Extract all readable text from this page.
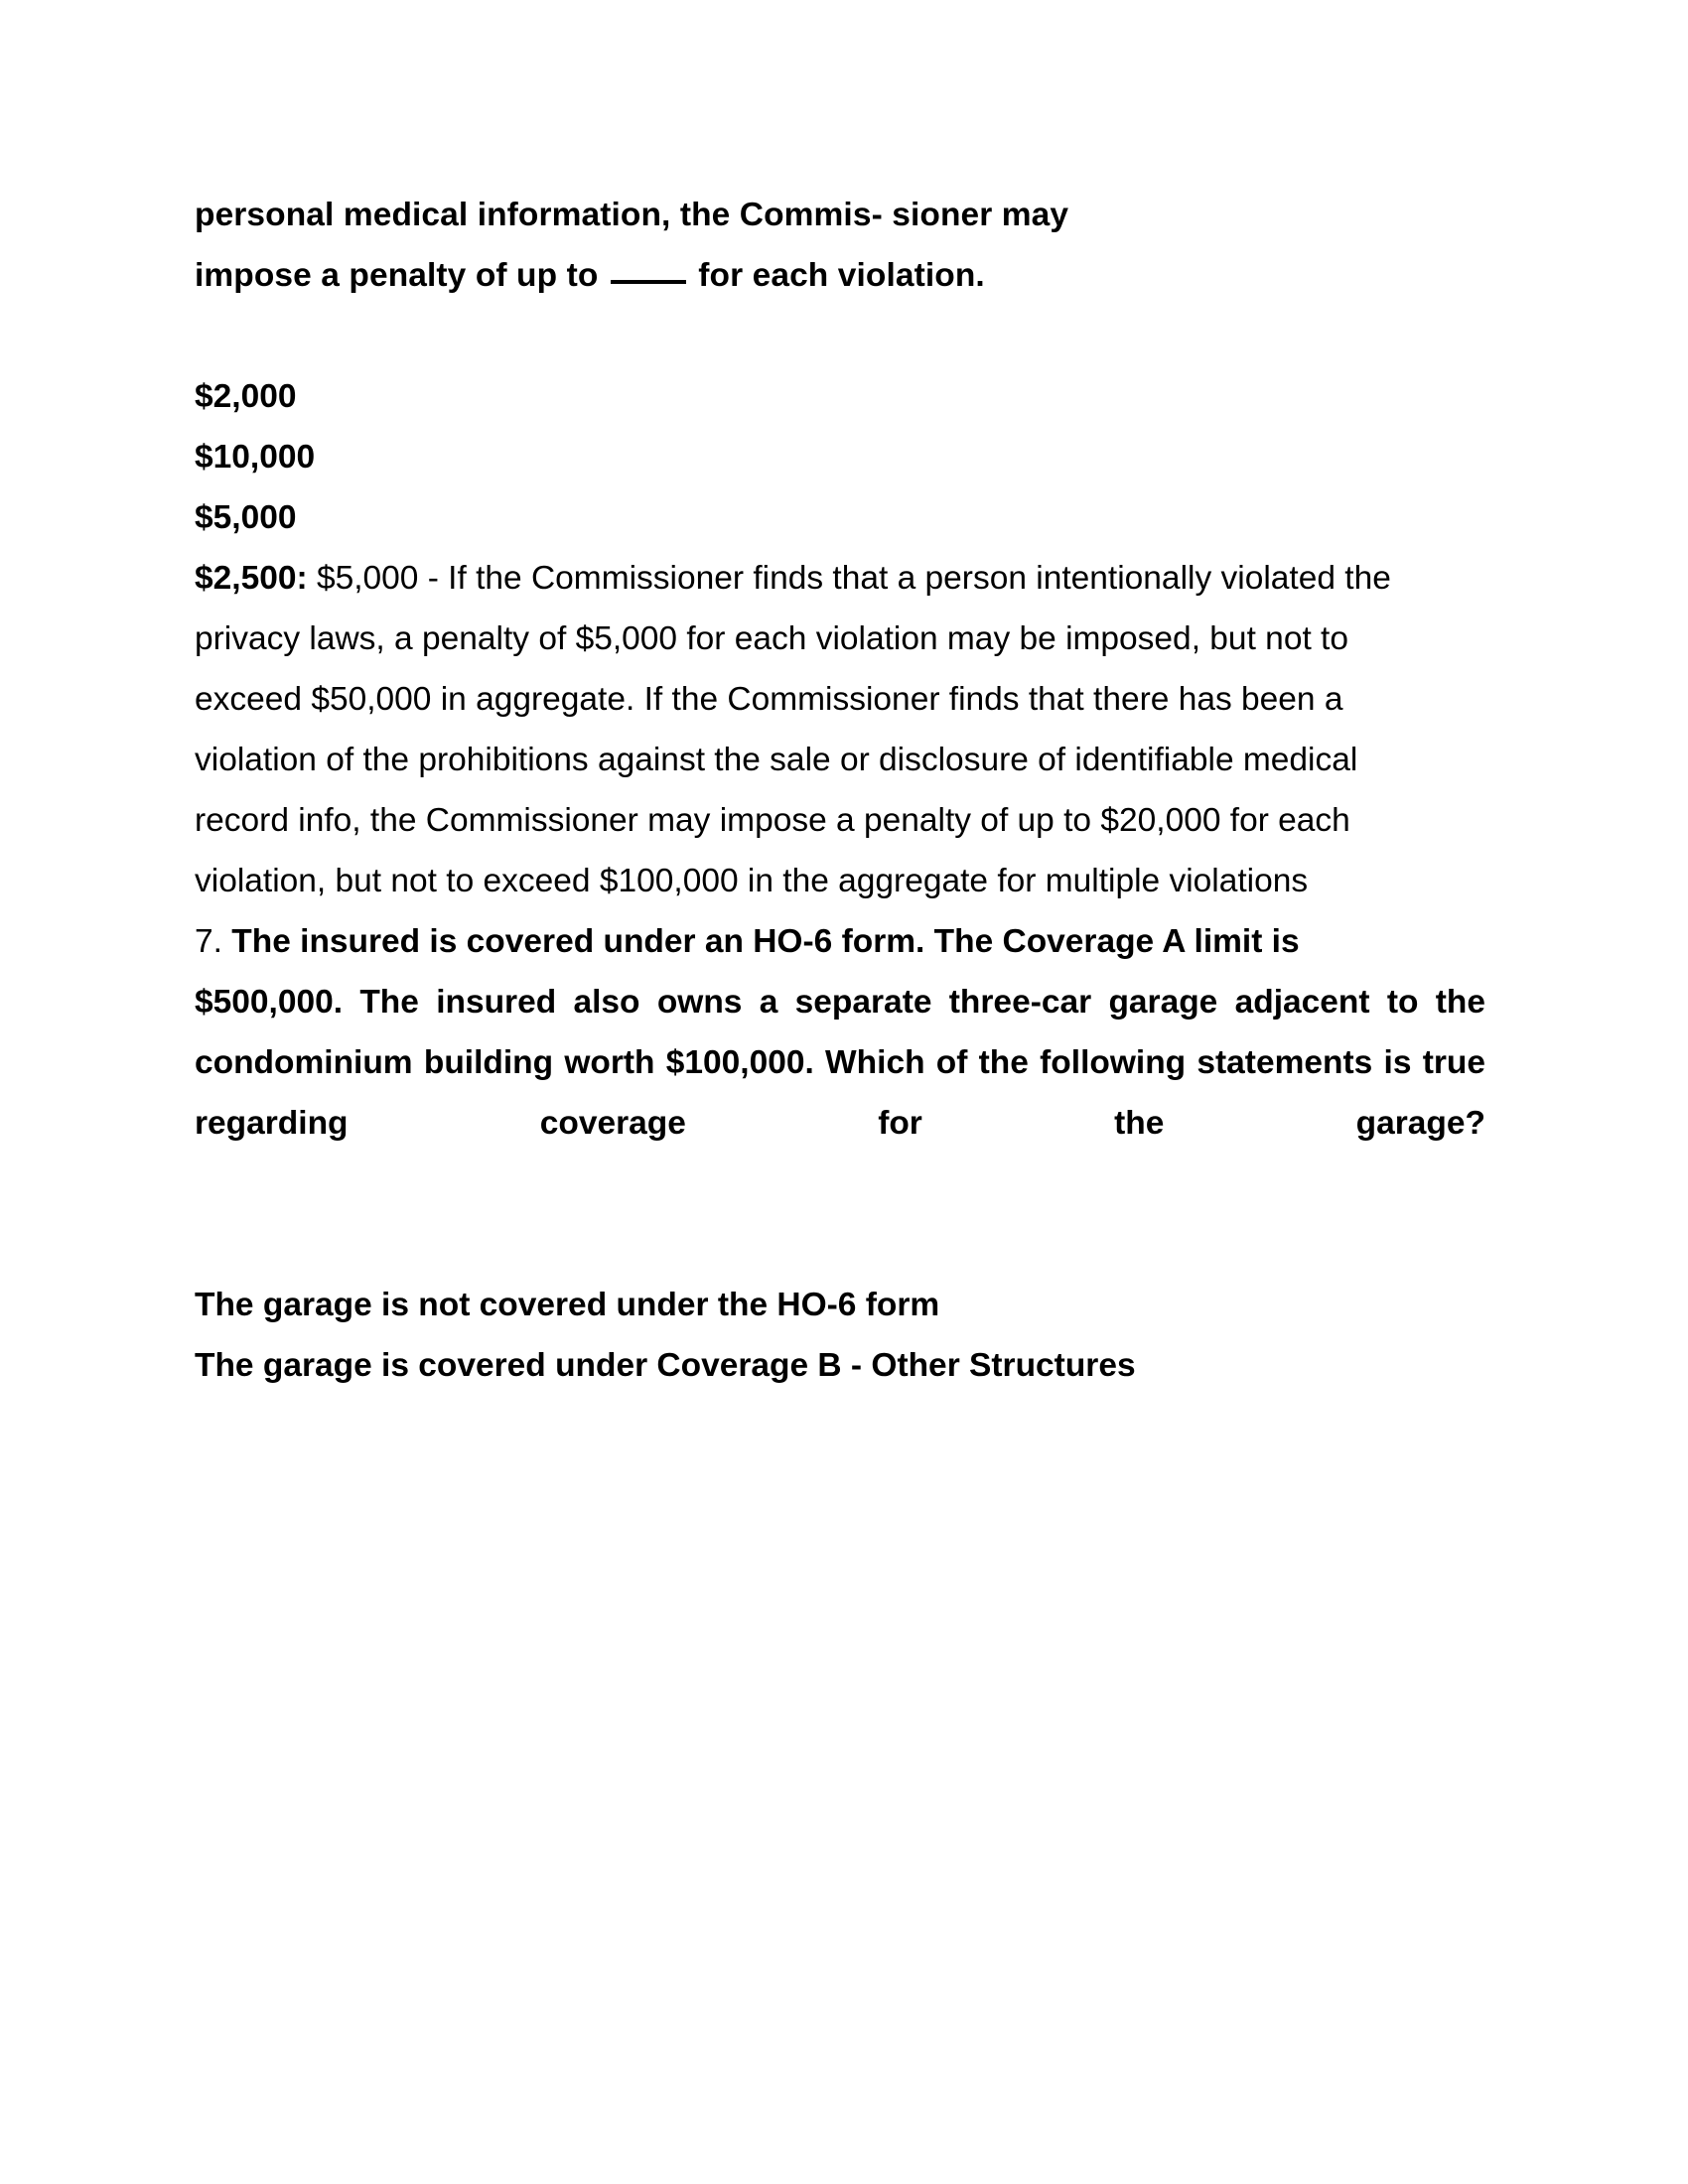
personal medical information, the Commis- sioner may
impose a penalty of up to	for each violation.
$2,000
$10,000
$5,000
$2,500: $5,000 - If the Commissioner finds that a person intentionally violated the privacy laws, a penalty of $5,000 for each violation may be imposed, but not to exceed $50,000 in aggregate. If the Commissioner finds that there has been a violation of the prohibitions against the sale or disclosure of identifiable medical record info, the Commissioner may impose a penalty of up to $20,000 for each violation, but not to exceed $100,000 in the aggregate for multiple violations
7. The insured is covered under an HO-6 form. The Coverage A limit is
$500,000. The insured also owns a separate three-car garage adjacent to the condominium building worth $100,000. Which of the following statements is true regarding coverage for the garage?
The garage is not covered under the HO-6 form
The garage is covered under Coverage B - Other Structures
